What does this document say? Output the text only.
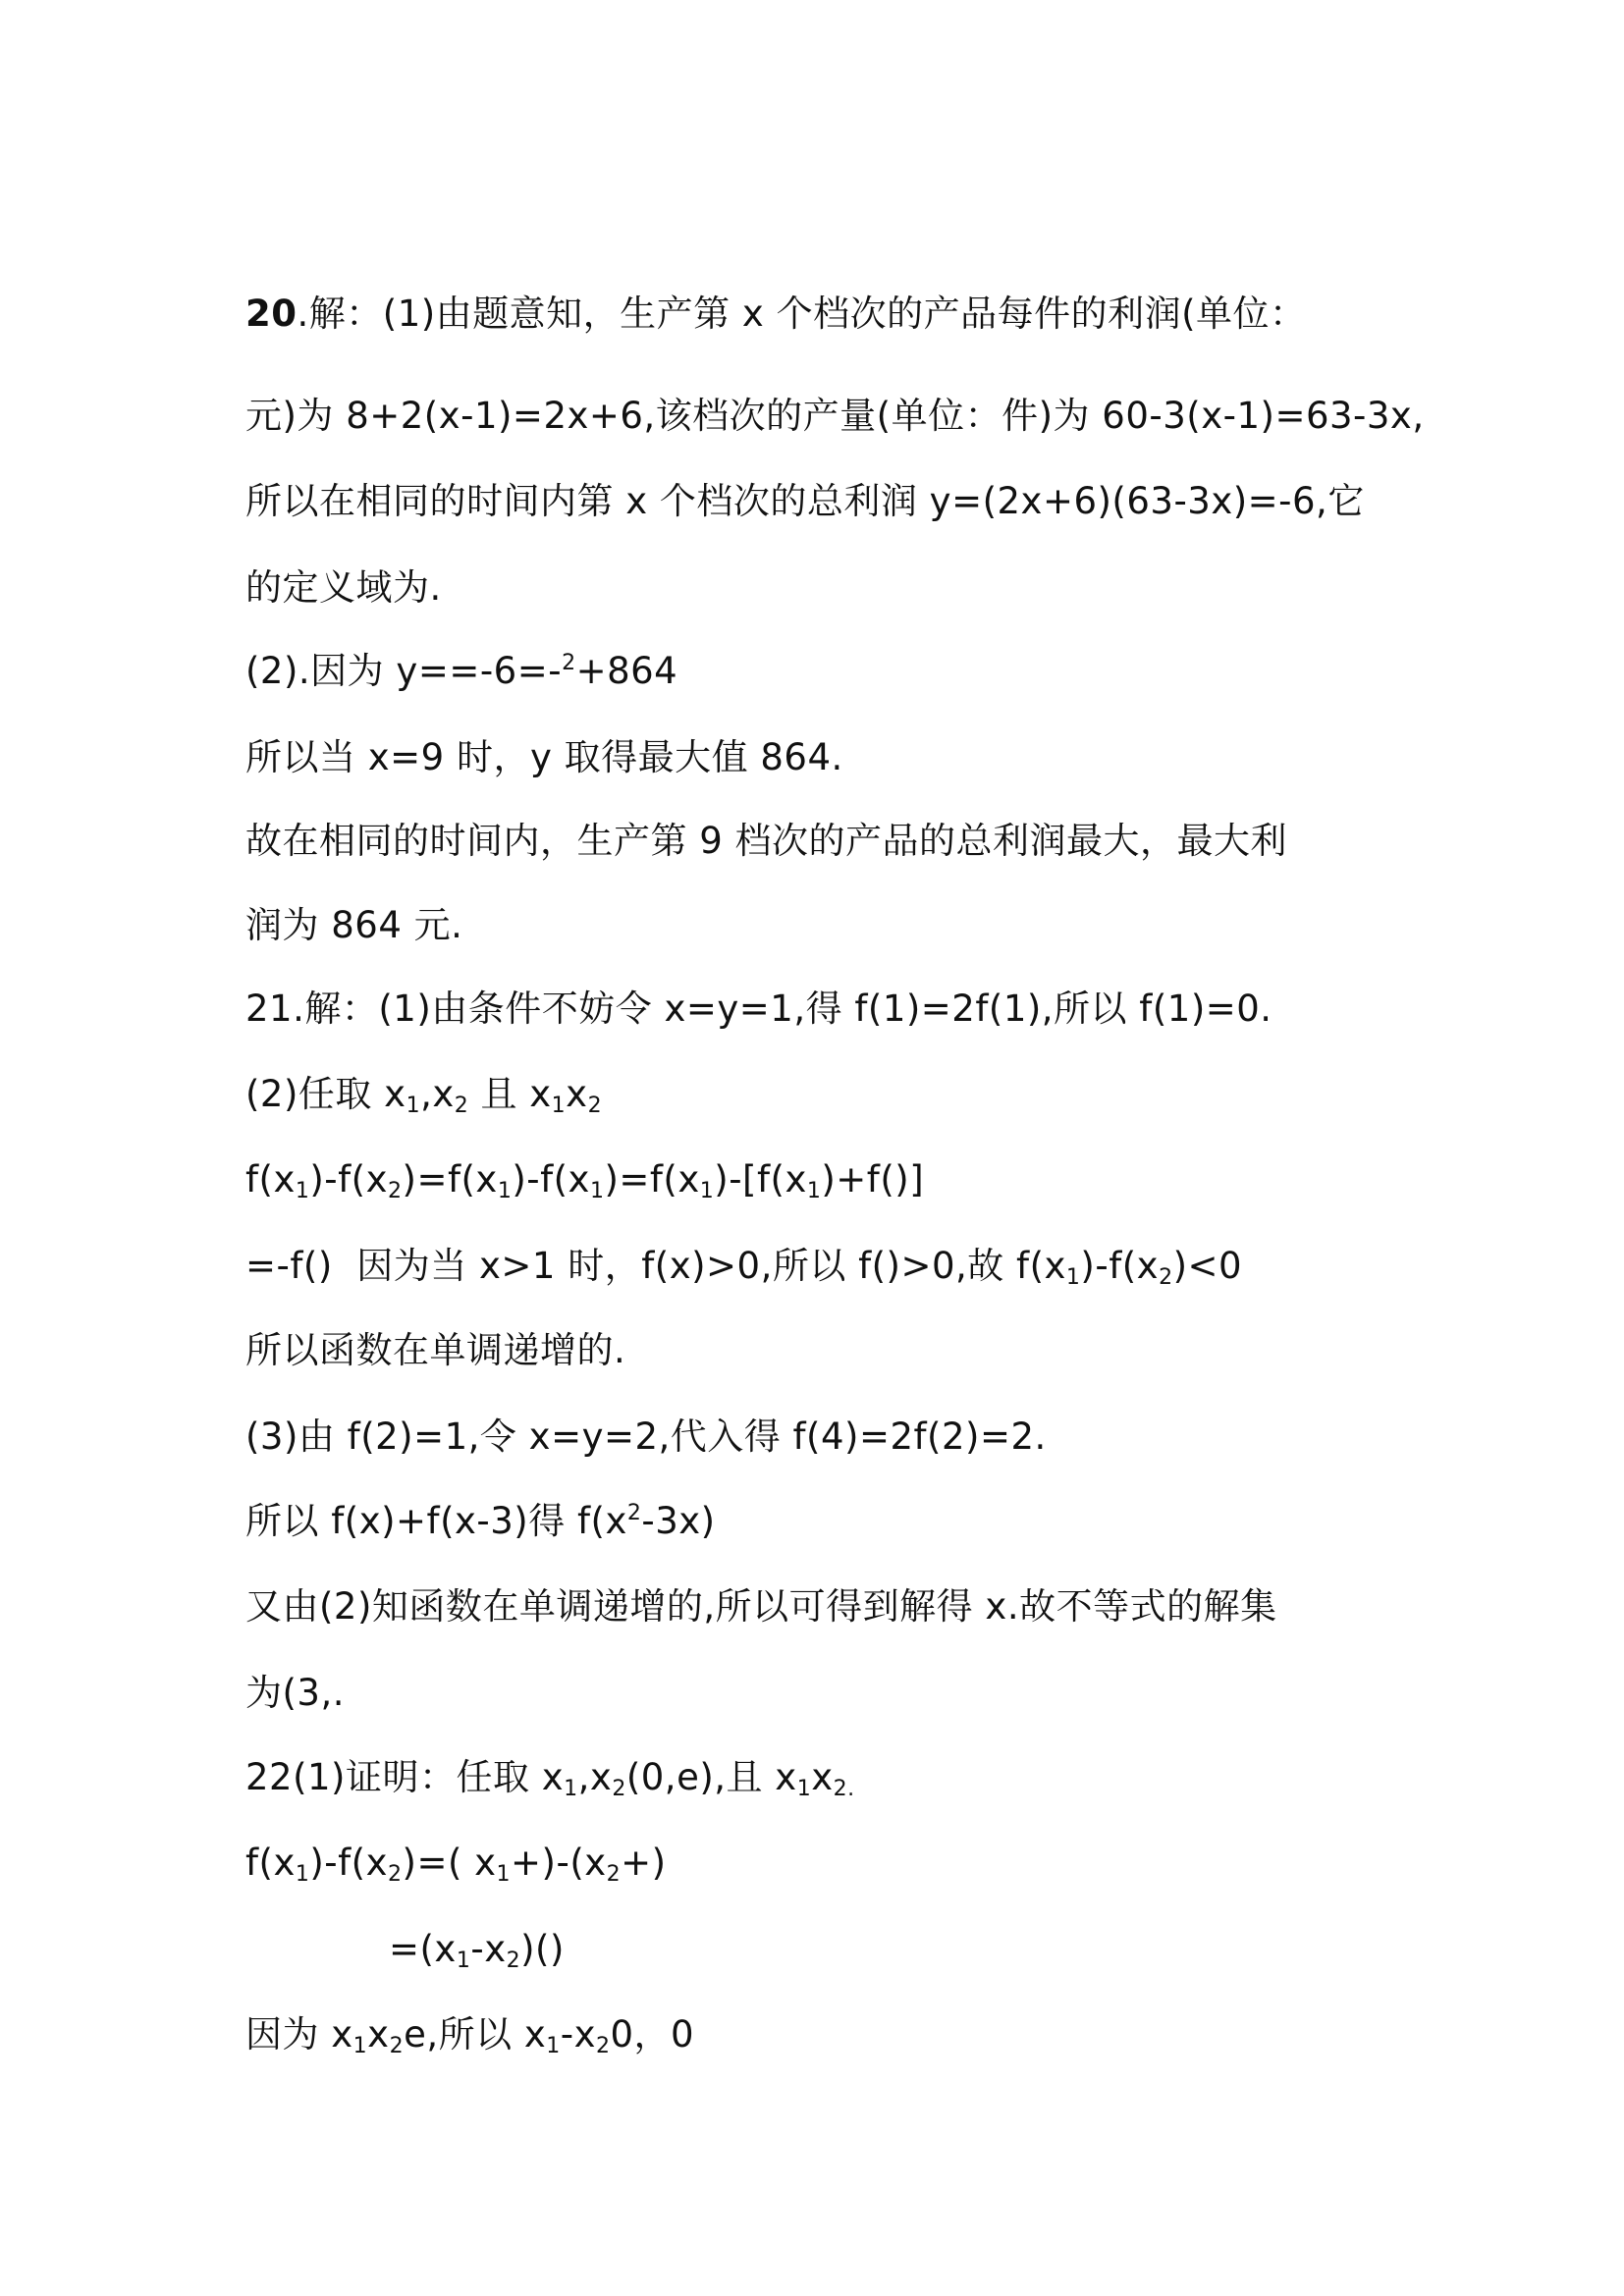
20.解：(1)由题意知，生产第 x 个档次的产品每件的利润(单位：
元)为 8+2(x-1)=2x+6,该档次的产量(单位：件)为 60-3(x-1)=63-3x,
所以在相同的时间内第 x 个档次的总利润 y=(2x+6)(63-3x)=-6,它
的定义域为.
(2).因为 y==-6=-$^2$+864
所以当 x=9 时，y 取得最大值 864.
故在相同的时间内，生产第 9 档次的产品的总利润最大，最大利
润为 864 元.
21.解：(1)由条件不妨令 x=y=1,得 f(1)=2f(1),所以 f(1)=0.
(2)任取 $x_1,x_2$ 且 $x_1x_2$
$f(x_1)-f(x_2)=f(x_1)-f(x_1)=f(x_1)-[f(x_1)+f()]$
=-f()  因为当 x>1 时，f(x)>0,所以 f()>0,故 $f(x_1)-f(x_2)<0$
所以函数在单调递增的.
(3)由 f(2)=1,令 x=y=2,代入得 f(4)=2f(2)=2.
所以 f(x)+f(x-3)得 $f(x^2-3x)$
又由(2)知函数在单调递增的,所以可得到解得 x.故不等式的解集
为(3,.
22(1)证明：任取 $x_1,x_2(0,e)$,且 $x_1x_{2.}$
$f(x_1)-f(x_2)=$( $x_1+)-(x_2+)$
$=(x_1-x_2)()$
因为 $x_1x_2e$,所以 $x_1-x_20$，0
